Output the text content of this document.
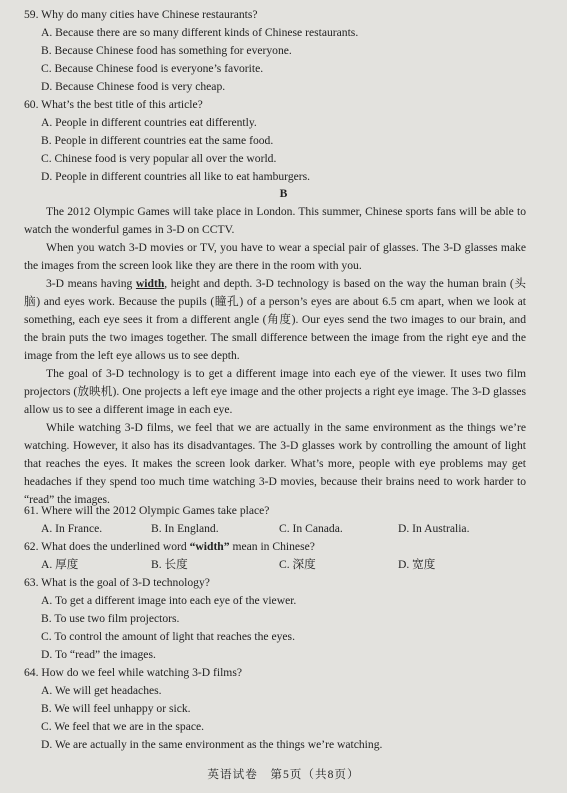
59. Why do many cities have Chinese restaurants?
A. Because there are so many different kinds of Chinese restaurants.
B. Because Chinese food has something for everyone.
C. Because Chinese food is everyone’s favorite.
D. Because Chinese food is very cheap.
60. What’s the best title of this article?
A. People in different countries eat differently.
B. People in different countries eat the same food.
C. Chinese food is very popular all over the world.
D. People in different countries all like to eat hamburgers.
B

The 2012 Olympic Games will take place in London. This summer, Chinese sports fans will be able to watch the wonderful games in 3-D on CCTV.

When you watch 3-D movies or TV, you have to wear a special pair of glasses. The 3-D glasses make the images from the screen look like they are there in the room with you.

3-D means having width, height and depth. 3-D technology is based on the way the human brain (头脑) and eyes work. Because the pupils (瞳孔) of a person’s eyes are about 6.5 cm apart, when we look at something, each eye sees it from a different angle (角度). Our eyes send the two images to our brain, and the brain puts the two images together. The small difference between the image from the right eye and the image from the left eye allows us to see depth.

The goal of 3-D technology is to get a different image into each eye of the viewer. It uses two film projectors (放映机). One projects a left eye image and the other projects a right eye image. The 3-D glasses allow us to see a different image in each eye.

While watching 3-D films, we feel that we are actually in the same environment as the things we’re watching. However, it also has its disadvantages. The 3-D glasses work by controlling the amount of light that reaches the eyes. It makes the screen look darker. What’s more, people with eye problems may get headaches if they spend too much time watching 3-D movies, because their brains need to work harder to “read” the images.

61. Where will the 2012 Olympic Games take place?
A. In France.	B. In England.	C. In Canada.	D. In Australia.
62. What does the underlined word “width” mean in Chinese?
A. 厚度	B. 长度	C. 深度	D. 宽度
63. What is the goal of 3-D technology?
A. To get a different image into each eye of the viewer.
B. To use two film projectors.
C. To control the amount of light that reaches the eyes.
D. To “read” the images.
64. How do we feel while watching 3-D films?
A. We will get headaches.
B. We will feel unhappy or sick.
C. We feel that we are in the space.
D. We are actually in the same environment as the things we’re watching.
英语试卷　第5页（共8页）
